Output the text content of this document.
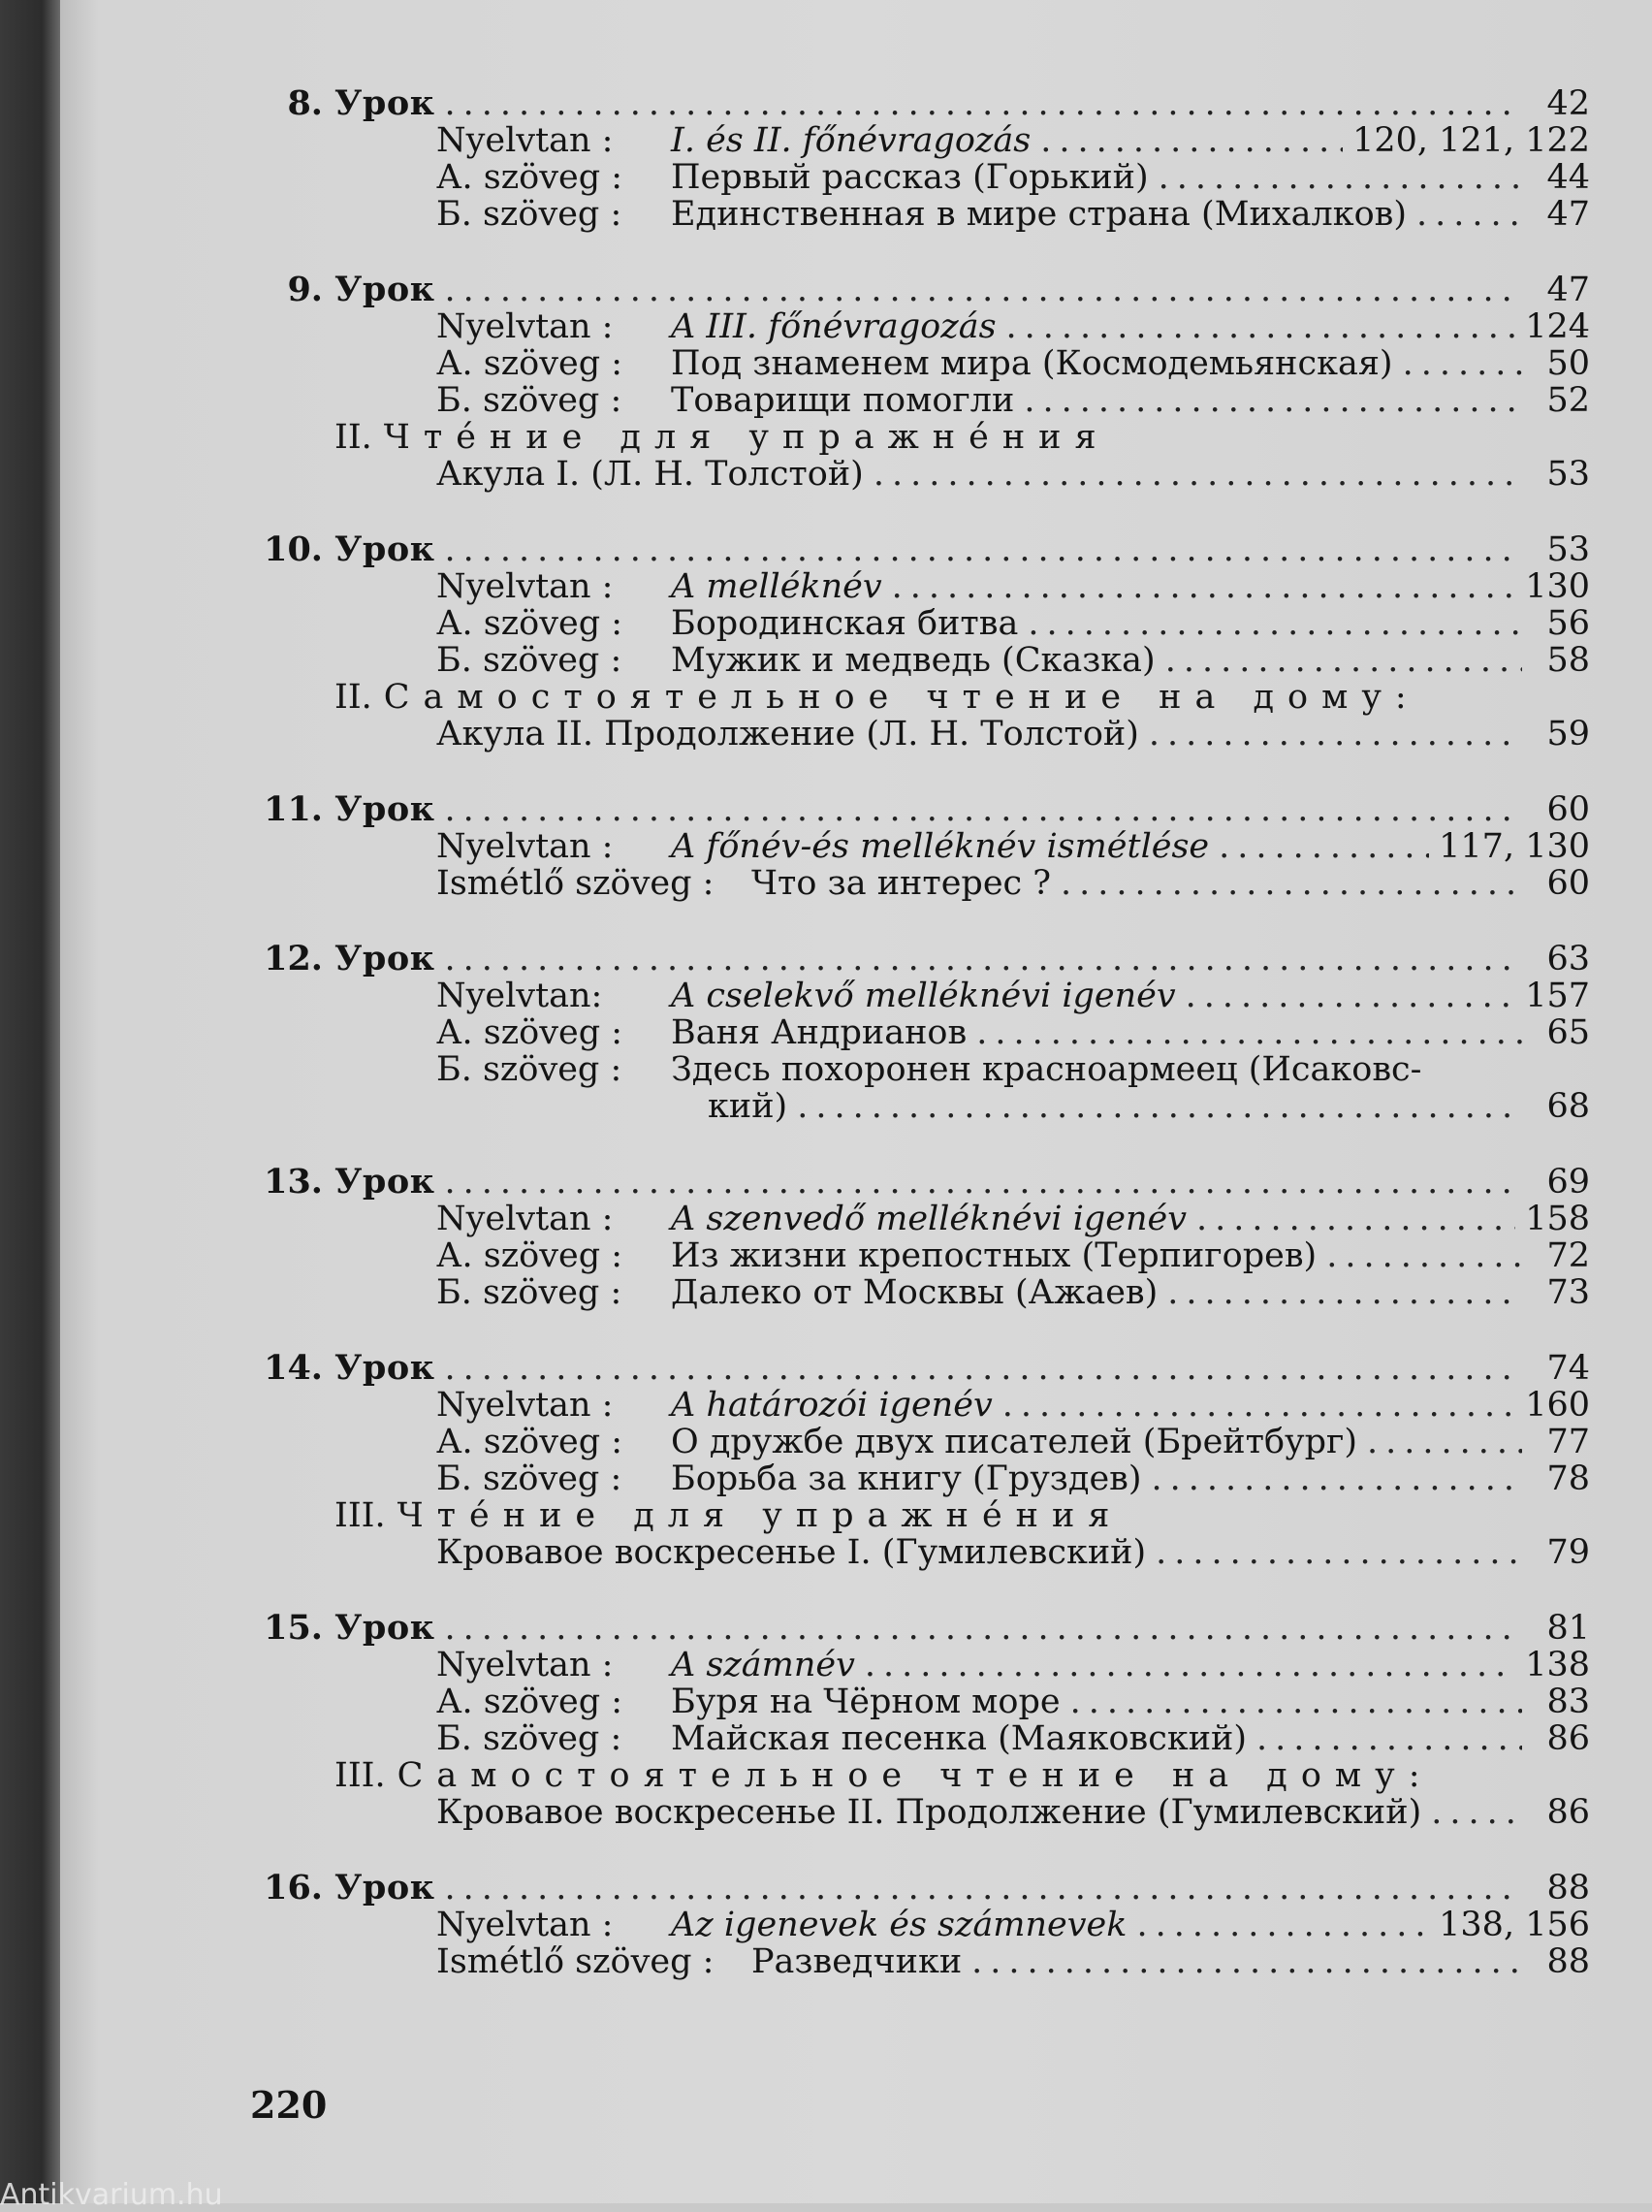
8. Урок .....	42
Nyelvtan :	I. és II. főnévragozás .....	120, 121, 122
А. szöveg :	Первый рассказ (Горький) .....	44
Б. szöveg :	Единственная в мире страна (Михалков) .....	47
9. Урок .....	47
Nyelvtan :	A III. főnévragozás .....	124
А. szöveg :	Под знаменем мира (Космодемьянская) .....	50
Б. szöveg :	Товарищи помогли .....	52
II. Чтéние для упражнéния
Акула I. (Л. Н. Толстой) .....	53
10. Урок .....	53
Nyelvtan :	A melléknév .....	130
А. szöveg :	Бородинская битва .....	56
Б. szöveg :	Мужик и медведь (Сказка) .....	58
II. Самостоятельное чтение на дому:
Акула II. Продолжение (Л. Н. Толстой) .....	59
11. Урок .....	60
Nyelvtan :	A főnév-és melléknév ismétlése .....	117, 130
Ismétlő szöveg :	Что за интерес ? .....	60
12. Урок .....	63
Nyelvtan:	A cselekvő melléknévi igenév .....	157
А. szöveg :	Ваня Андрианов .....	65
Б. szöveg :	Здесь похоронен красноармеец (Исаковс-
кий) .....	68
13. Урок .....	69
Nyelvtan :	A szenvedő melléknévi igenév .....	158
А. szöveg :	Из жизни крепостных (Терпигорев) .....	72
Б. szöveg :	Далеко от Москвы (Ажаев) .....	73
14. Урок .....	74
Nyelvtan :	A határozói igenév .....	160
А. szöveg :	О дружбе двух писателей (Брейтбург) .....	77
Б. szöveg :	Борьба за книгу (Груздев) .....	78
III. Чтéние для упражнéния
Кровавое воскресенье I. (Гумилевский) .....	79
15. Урок .....	81
Nyelvtan :	A számnév .....	138
А. szöveg :	Буря на Чёрном море .....	83
Б. szöveg :	Майская песенка (Маяковский) .....	86
III. Самостоятельное чтение на дому:
Кровавое воскресенье II. Продолжение (Гумилевский) .....	86
16. Урок .....	88
Nyelvtan :	Az igenevek és számnevek .....	138, 156
Ismétlő szöveg :	Разведчики .....	88
220
Antikvarium.hu
